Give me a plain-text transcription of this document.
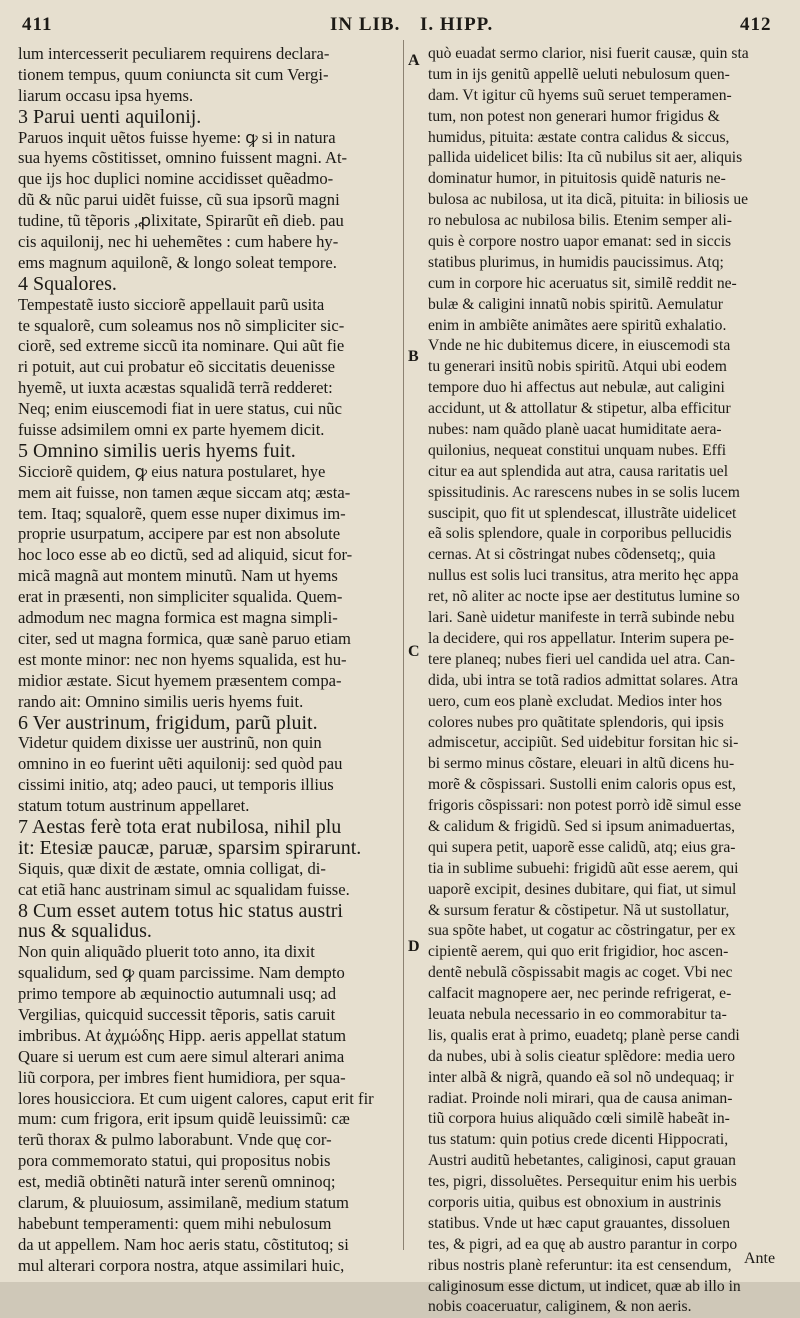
411	IN LIB. I. HIPP.	412
lum intercesserit peculiarem requirens declara-
tionem tempus, quum coniuncta sit cum Vergi-
liarum occasu ipsa hyems.
3 Parui uenti aquilonij.
Paruos inquit uẽtos fuisse hyeme: ꝙ si in natura
sua hyems cõstitisset, omnino fuissent magni. At-
que ijs hoc duplici nomine accidisset quẽadmo-
dũ & nũc parui uidẽt fuisse, cũ sua ipsorũ magni
tudine, tũ tẽporis ,ꝓlixitate, Spirarũt eñ dieb. pau
cis aquilonij, nec hi uehemẽtes : cum habere hy-
ems magnum aquilonẽ, & longo soleat tempore.
4 Squalores.
Tempestatẽ iusto sicciorẽ appellauit parũ usita
te squalorẽ, cum soleamus nos nõ simpliciter sic-
ciorẽ, sed extreme siccũ ita nominare. Qui aũt fie
ri potuit, aut cui probatur eõ siccitatis deuenisse
hyemẽ, ut iuxta acæstas squalidã terrã redderet:
Neq; enim eiuscemodi fiat in uere status, cui nũc
fuisse adsimilem omni ex parte hyemem dicit.
5 Omnino similis ueris hyems fuit.
Sicciorẽ quidem, ꝙ eius natura postularet, hye
mem ait fuisse, non tamen æque siccam atq; æsta-
tem. Itaq; squalorẽ, quem esse nuper diximus im-
proprie usurpatum, accipere par est non absolute
hoc loco esse ab eo dictũ, sed ad aliquid, sicut for-
micã magnã aut montem minutũ. Nam ut hyems
erat in præsenti, non simpliciter squalida. Quem-
admodum nec magna formica est magna simpli-
citer, sed ut magna formica, quæ sanè paruo etiam
est monte minor: nec non hyems squalida, est hu-
midior æstate. Sicut hyemem præsentem compa-
rando ait: Omnino similis ueris hyems fuit.
6 Ver austrinum, frigidum, parũ pluit.
Videtur quidem dixisse uer austrinũ, non quin
omnino in eo fuerint uẽti aquilonij: sed quòd pau
cissimi initio, atq; adeo pauci, ut temporis illius
statum totum austrinum appellaret.
7 Aestas ferè tota erat nubilosa, nihil plu
it: Etesiæ paucæ, paruæ, sparsim spirarunt.
Siquis, quæ dixit de æstate, omnia colligat, di-
cat etiã hanc austrinam simul ac squalidam fuisse.
8 Cum esset autem totus hic status austri
nus & squalidus.
Non quin aliquãdo pluerit toto anno, ita dixit
squalidum, sed ꝙ quam parcissime. Nam dempto
primo tempore ab æquinoctio autumnali usq; ad
Vergilias, quicquid successit tẽporis, satis caruit
imbribus. At ἀχμώδης Hipp. aeris appellat statum
Quare si uerum est cum aere simul alterari anima
liũ corpora, per imbres fient humidiora, per squa-
lores housicciora. Et cum uigent calores, caput erit fir
mum: cum frigora, erit ipsum quidẽ leuissimũ: cæ
terũ thorax & pulmo laborabunt. Vnde quę cor-
pora commemorato statui, qui propositus nobis
est, mediã obtinẽti naturã inter serenũ omninoq;
clarum, & pluuiosum, assimilanẽ, medium statum
habebunt temperamenti: quem mihi nebulosum
da ut appellem. Nam hoc aeris statu, cõstitutoq; si
mul alterari corpora nostra, atque assimilari huic,
quò euadat sermo clarior, nisi fuerit causæ, quin sta
tum in ijs genitũ appellẽ ueluti nebulosum quen-
dam. Vt igitur cũ hyems suũ seruet temperamen-
tum, non potest non generari humor frigidus &
humidus, pituita: æstate contra calidus & siccus,
pallida uidelicet bilis: Ita cũ nubilus sit aer, aliquis
dominatur humor, in pituitosis quidẽ naturis ne-
bulosa ac nubilosa, ut ita dicã, pituita: in biliosis ue
ro nebulosa ac nubilosa bilis. Etenim semper ali-
quis è corpore nostro uapor emanat: sed in siccis
statibus plurimus, in humidis paucissimus. Atq;
cum in corpore hic aceruatus sit, similẽ reddit ne-
bulæ & caligini innatũ nobis spiritũ. Aemulatur
enim in ambiẽte animãtes aere spiritũ exhalatio.
Vnde ne hic dubitemus dicere, in eiuscemodi sta
tu generari insitũ nobis spiritũ. Atqui ubi eodem
tempore duo hi affectus aut nebulæ, aut caligini
accidunt, ut & attollatur & stipetur, alba efficitur
nubes: nam quãdo planè uacat humiditate aera-
quilonius, nequeat constitui unquam nubes. Effi
citur ea aut splendida aut atra, causa raritatis uel
spissitudinis. Ac rarescens nubes in se solis lucem
suscipit, quo fit ut splendescat, illustrãte uidelicet
eã solis splendore, quale in corporibus pellucidis
cernas. At si cõstringat nubes cõdensetq;, quia
nullus est solis luci transitus, atra merito hęc appa
ret, nõ aliter ac nocte ipse aer destitutus lumine so
lari. Sanè uidetur manifeste in terrã subinde nebu
la decidere, qui ros appellatur. Interim supera pe-
tere planeq; nubes fieri uel candida uel atra. Can-
dida, ubi intra se totã radios admittat solares. Atra
uero, cum eos planè excludat. Medios inter hos
colores nubes pro quãtitate splendoris, qui ipsis
admiscetur, accipiũt. Sed uidebitur forsitan hic si-
bi sermo minus cõstare, eleuari in altũ dicens hu-
morẽ & cõspissari. Sustolli enim caloris opus est,
frigoris cõspissari: non potest porrò idẽ simul esse
& calidum & frigidũ. Sed si ipsum animaduertas,
qui supera petit, uaporẽ esse calidũ, atq; eius gra-
tia in sublime subuehi: frigidũ aũt esse aerem, qui
uaporẽ excipit, desines dubitare, qui fiat, ut simul
& sursum feratur & cõstipetur. Nã ut sustollatur,
sua spõte habet, ut cogatur ac cõstringatur, per ex
cipientẽ aerem, qui quo erit frigidior, hoc ascen-
dentẽ nebulã cõspissabit magis ac coget. Vbi nec
calfacit magnopere aer, nec perinde refrigerat, e-
leuata nebula necessario in eo commorabitur ta-
lis, qualis erat à primo, euadetq; planè perse candi
da nubes, ubi à solis cieatur splẽdore: media uero
inter albã & nigrã, quando eã sol nõ undequaq; ir
radiat. Proinde noli mirari, qua de causa animan-
tiũ corpora huius aliquãdo cœli similẽ habeãt in-
tus statum: quin potius crede dicenti Hippocrati,
Austri auditũ hebetantes, caliginosi, caput grauan
tes, pigri, dissoluẽtes. Persequitur enim his uerbis
corporis uitia, quibus est obnoxium in austrinis
statibus. Vnde ut hæc caput grauantes, dissoluen
tes, & pigri, ad ea quę ab austro parantur in corpo
ribus nostris planè referuntur: ita est censendum,
caliginosum esse dictum, ut indicet, quæ ab illo in
nobis coaceruatur, caliginem, & non aeris.
A
B
C
D
Ante
